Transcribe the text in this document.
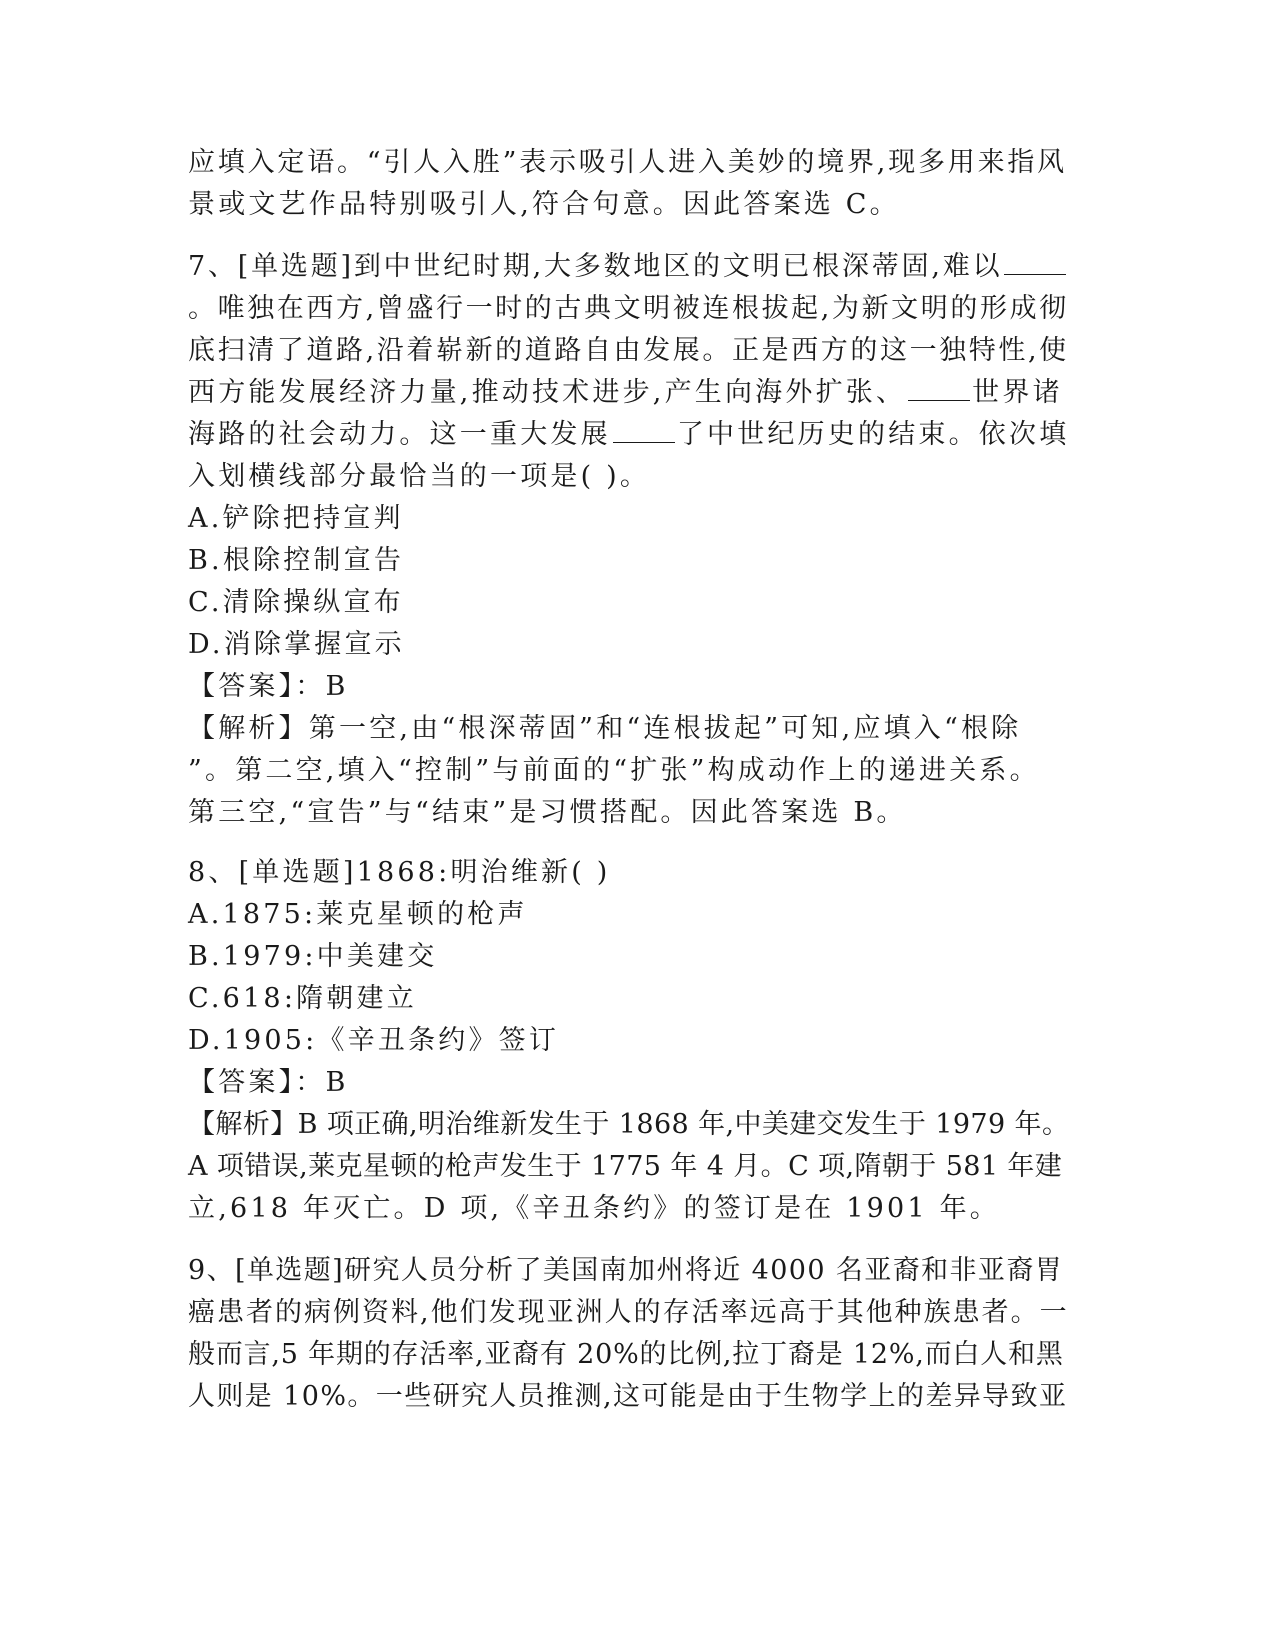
应填入定语。“引人入胜”表示吸引人进入美妙的境界,现多用来指风
景或文艺作品特别吸引人,符合句意。因此答案选 C。
7、[单选题]到中世纪时期,大多数地区的文明已根深蒂固,难以
。唯独在西方,曾盛行一时的古典文明被连根拔起,为新文明的形成彻
底扫清了道路,沿着崭新的道路自由发展。正是西方的这一独特性,使
西方能发展经济力量,推动技术进步,产生向海外扩张、 世界诸
海路的社会动力。这一重大发展 了中世纪历史的结束。依次填
入划横线部分最恰当的一项是( )。
A.铲除把持宣判
B.根除控制宣告
C.清除操纵宣布
D.消除掌握宣示
【答案】：B
【解析】第一空,由“根深蒂固”和“连根拔起”可知,应填入“根除
”。第二空,填入“控制”与前面的“扩张”构成动作上的递进关系。
第三空,“宣告”与“结束”是习惯搭配。因此答案选 B。
8、[单选题]1868:明治维新( )
A.1875:莱克星顿的枪声
B.1979:中美建交
C.618:隋朝建立
D.1905:《辛丑条约》签订
【答案】：B
【解析】B 项正确,明治维新发生于 1868 年,中美建交发生于 1979 年。
A 项错误,莱克星顿的枪声发生于 1775 年 4 月。C 项,隋朝于 581 年建
立,618 年灭亡。D 项,《辛丑条约》的签订是在 1901 年。
9、[单选题]研究人员分析了美国南加州将近 4000 名亚裔和非亚裔胃
癌患者的病例资料,他们发现亚洲人的存活率远高于其他种族患者。一
般而言,5 年期的存活率,亚裔有 20%的比例,拉丁裔是 12%,而白人和黑
人则是 10%。一些研究人员推测,这可能是由于生物学上的差异导致亚
